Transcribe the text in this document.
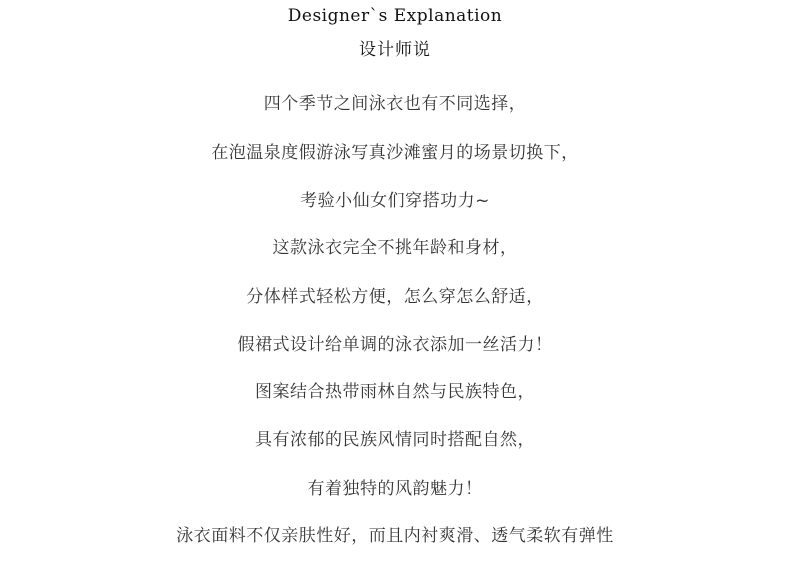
Designer`s Explanation
设计师说
四个季节之间泳衣也有不同选择，
在泡温泉度假游泳写真沙滩蜜月的场景切换下，
考验小仙女们穿搭功力~
这款泳衣完全不挑年龄和身材，
分体样式轻松方便，怎么穿怎么舒适，
假裙式设计给单调的泳衣添加一丝活力！
图案结合热带雨林自然与民族特色，
具有浓郁的民族风情同时搭配自然，
有着独特的风韵魅力！
泳衣面料不仅亲肤性好，而且内衬爽滑、透气柔软有弹性
